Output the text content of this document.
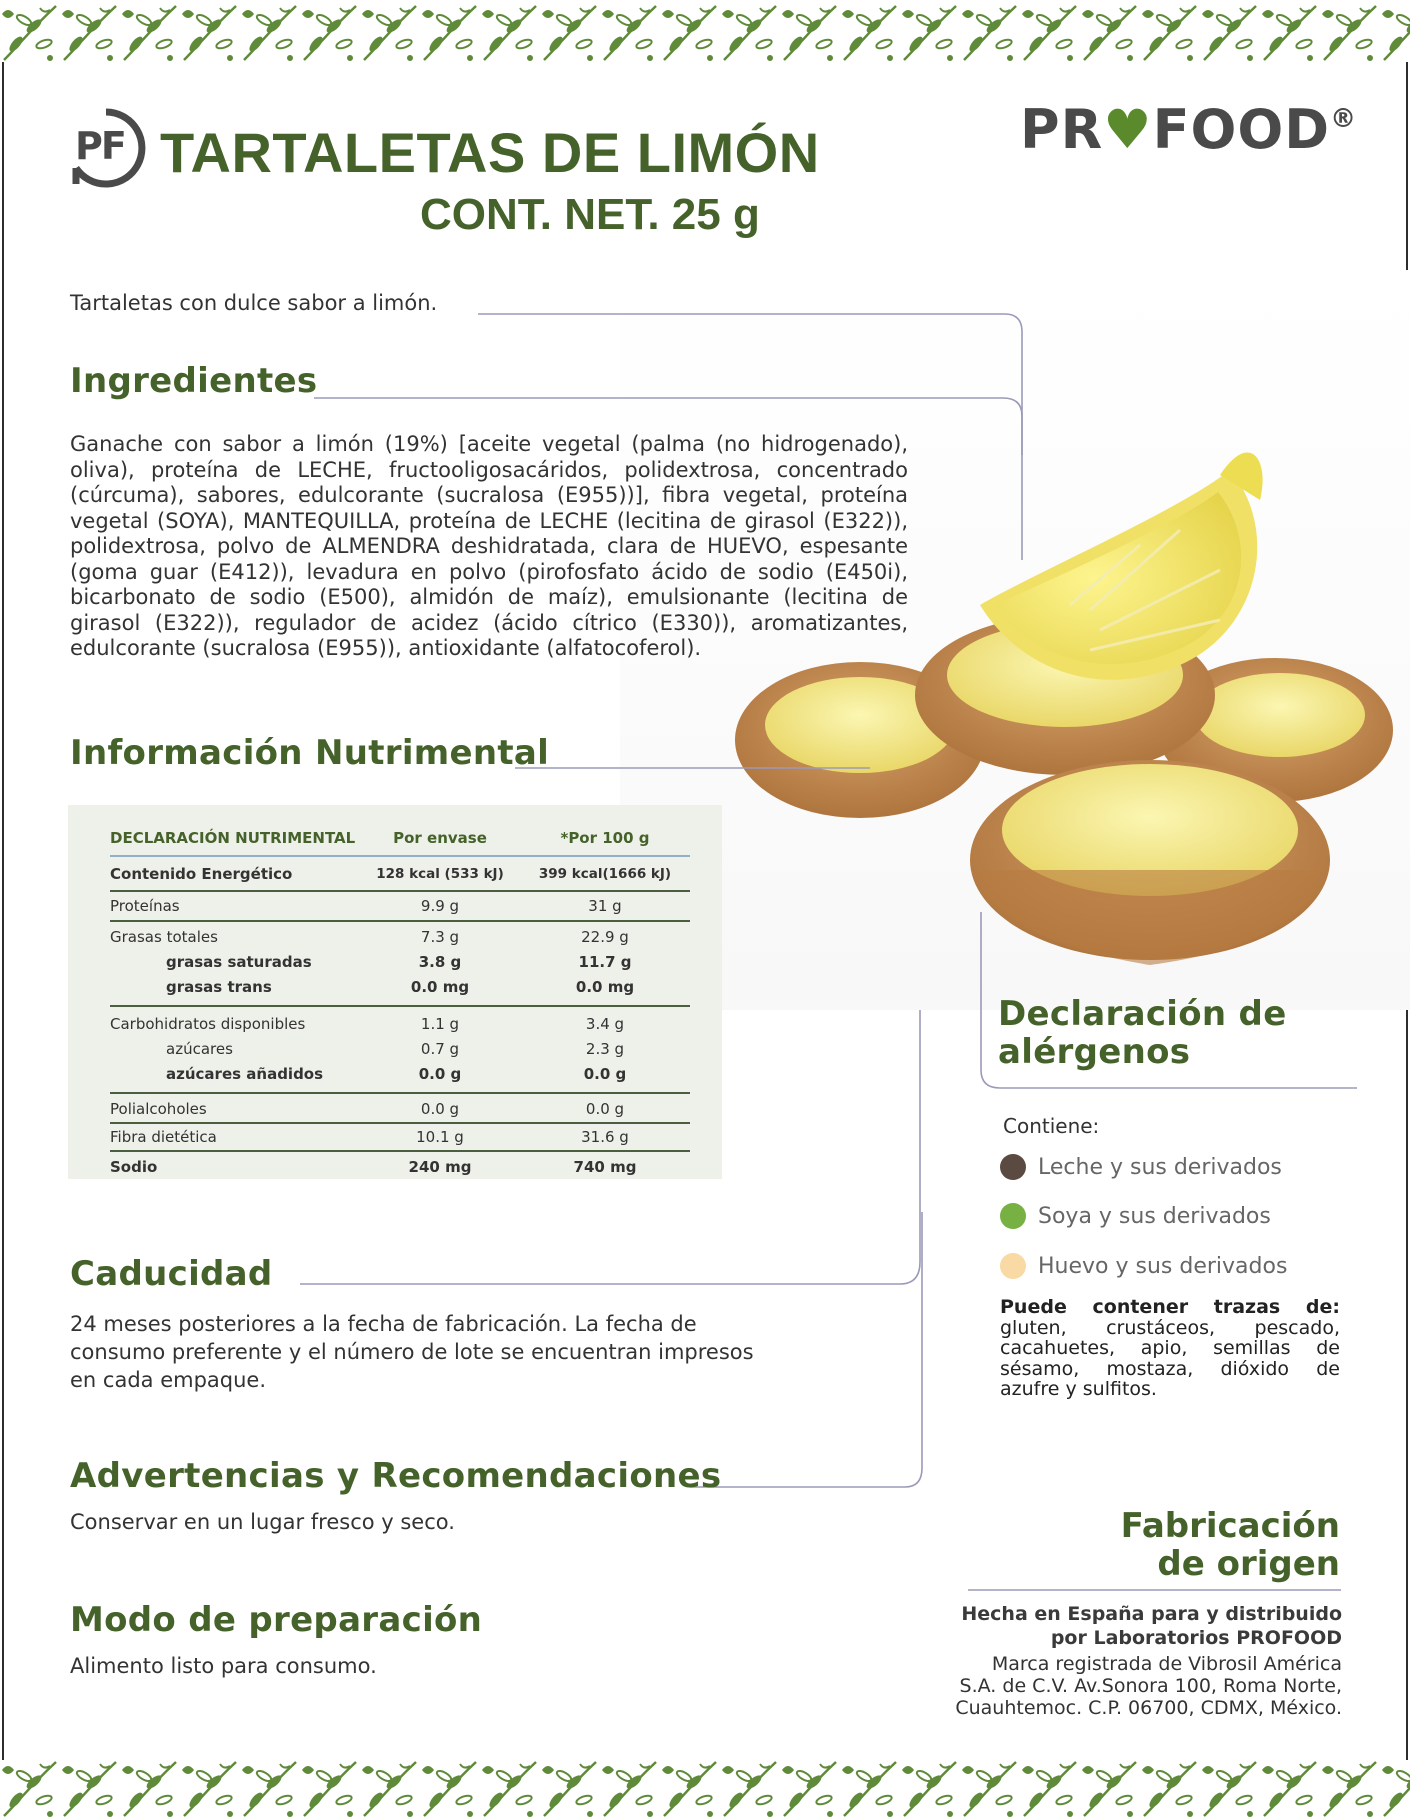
PF TARTALETAS DE LIMÓN
CONT. NET. 25 g
PR♥FOOD®
Tartaletas con dulce sabor a limón.
Ingredientes
Ganache con sabor a limón (19%) [aceite vegetal (palma (no hidrogenado), oliva), proteína de LECHE, fructooligosacáridos, polidextrosa, concentrado (cúrcuma), sabores, edulcorante (sucralosa (E955))], fibra vegetal, proteína vegetal (SOYA), MANTEQUILLA, proteína de LECHE (lecitina de girasol (E322)), polidextrosa, polvo de ALMENDRA deshidratada, clara de HUEVO, espesante (goma guar (E412)), levadura en polvo (pirofosfato ácido de sodio (E450i), bicarbonato de sodio (E500), almidón de maíz), emulsionante (lecitina de girasol (E322)), regulador de acidez (ácido cítrico (E330)), aromatizantes, edulcorante (sucralosa (E955)), antioxidante (alfatocoferol).
Información Nutrimental
DECLARACIÓN NUTRIMENTAL	Por envase	*Por 100 g
Contenido Energético	128 kcal (533 kJ)	399 kcal(1666 kJ)
Proteínas	9.9 g	31 g
Grasas totales	7.3 g	22.9 g
grasas saturadas	3.8 g	11.7 g
grasas trans	0.0 mg	0.0 mg
Carbohidratos disponibles	1.1 g	3.4 g
azúcares	0.7 g	2.3 g
azúcares añadidos	0.0 g	0.0 g
Polialcoholes	0.0 g	0.0 g
Fibra dietética	10.1 g	31.6 g
Sodio	240 mg	740 mg
Caducidad
24 meses posteriores a la fecha de fabricación. La fecha de consumo preferente y el número de lote se encuentran impresos en cada empaque.
Advertencias y Recomendaciones
Conservar en un lugar fresco y seco.
Modo de preparación
Alimento listo para consumo.
Declaración de
alérgenos
Contiene:
Leche y sus derivados
Soya y sus derivados
Huevo y sus derivados
Puede contener trazas de: gluten, crustáceos, pescado, cacahuetes, apio, semillas de sésamo, mostaza, dióxido de azufre y sulfitos.
Fabricación
de origen
Hecha en España para y distribuido
por Laboratorios PROFOOD
Marca registrada de Vibrosil América
S.A. de C.V. Av.Sonora 100, Roma Norte,
Cuauhtemoc. C.P. 06700, CDMX, México.
